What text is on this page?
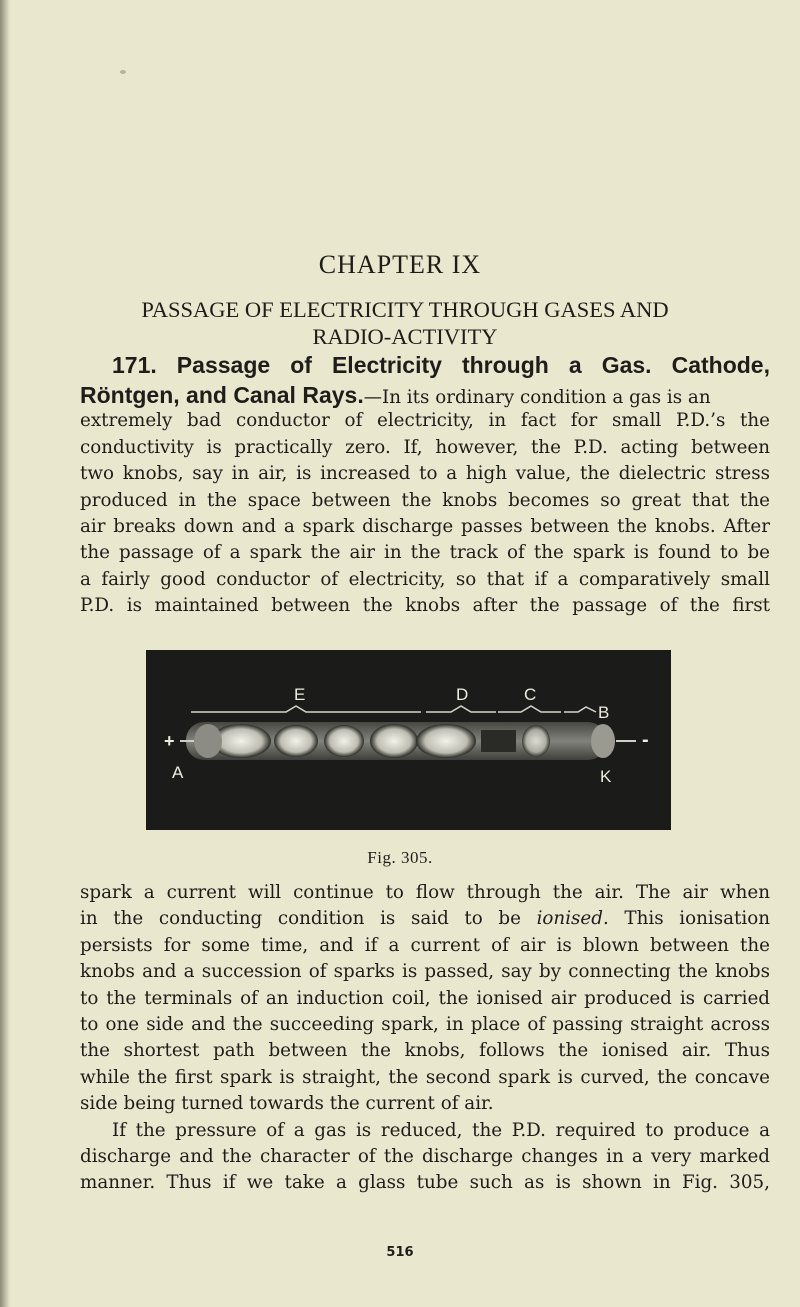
CHAPTER IX
PASSAGE OF ELECTRICITY THROUGH GASES AND
RADIO-ACTIVITY
171. Passage of Electricity through a Gas. Cathode,
Röntgen, and Canal Rays.—In its ordinary condition a gas is an
extremely bad conductor of electricity, in fact for small P.D.’s the
conductivity is practically zero. If, however, the P.D. acting between
two knobs, say in air, is increased to a high value, the dielectric stress
produced in the space between the knobs becomes so great that the
air breaks down and a spark discharge passes between the knobs. After
the passage of a spark the air in the track of the spark is found to be
a fairly good conductor of electricity, so that if a comparatively small
P.D. is maintained between the knobs after the passage of the first
E	D	C
B
A	K
+	-
Fig. 305.
spark a current will continue to flow through the air. The air when
in the conducting condition is said to be ionised. This ionisation
persists for some time, and if a current of air is blown between the
knobs and a succession of sparks is passed, say by connecting the knobs
to the terminals of an induction coil, the ionised air produced is carried
to one side and the succeeding spark, in place of passing straight across
the shortest path between the knobs, follows the ionised air. Thus
while the first spark is straight, the second spark is curved, the concave
side being turned towards the current of air.
If the pressure of a gas is reduced, the P.D. required to produce a
discharge and the character of the discharge changes in a very marked
manner. Thus if we take a glass tube such as is shown in Fig. 305,
516
